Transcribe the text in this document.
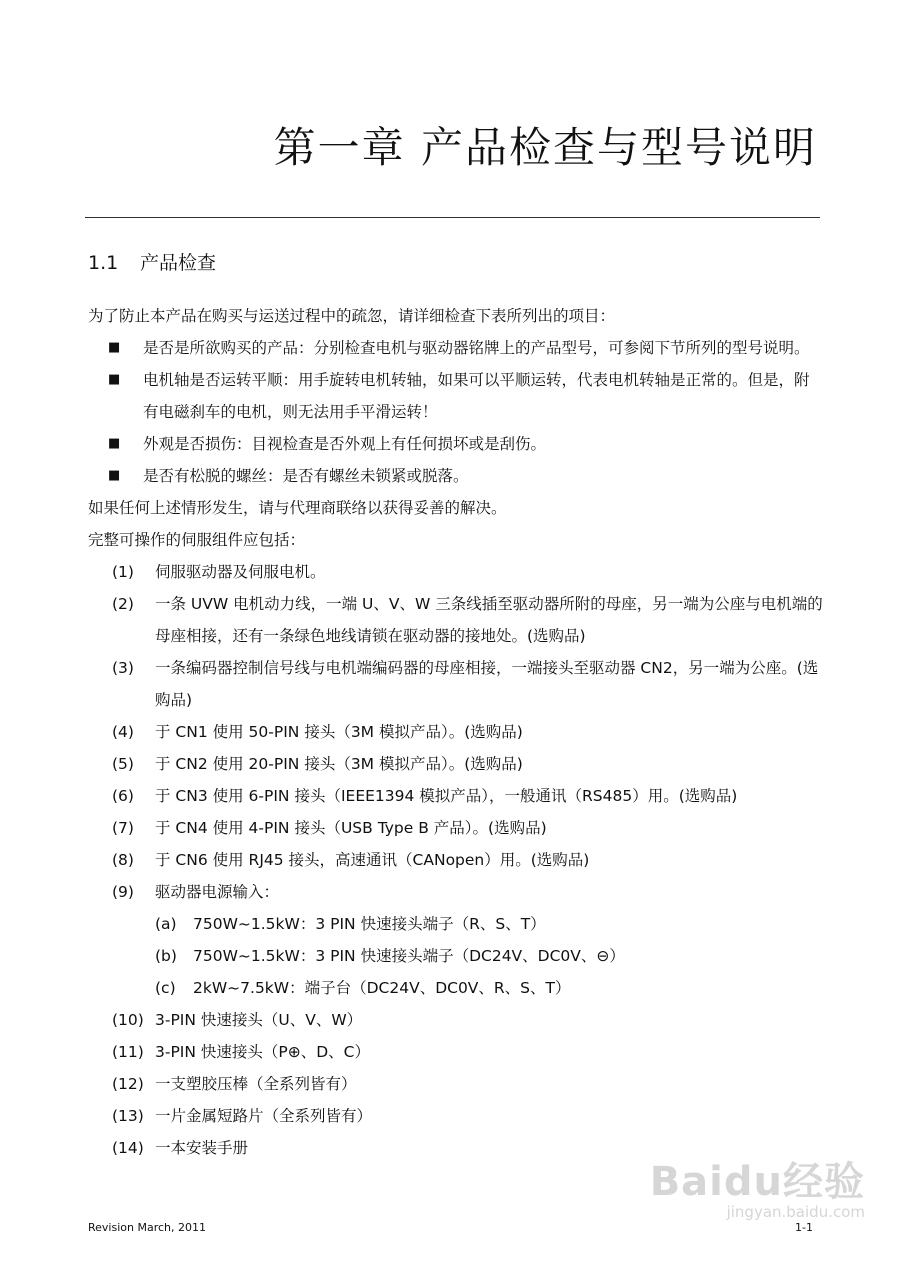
第一章 产品检查与型号说明
1.1 产品检查

为了防止本产品在购买与运送过程中的疏忽，请详细检查下表所列出的项目：

■ 是否是所欲购买的产品：分别检查电机与驱动器铭牌上的产品型号，可参阅下节所列的型号说明。
■ 电机轴是否运转平顺：用手旋转电机转轴，如果可以平顺运转，代表电机转轴是正常的。但是，附有电磁刹车的电机，则无法用手平滑运转！
■ 外观是否损伤：目视检查是否外观上有任何损坏或是刮伤。
■ 是否有松脱的螺丝：是否有螺丝未锁紧或脱落。

如果任何上述情形发生，请与代理商联络以获得妥善的解决。

完整可操作的伺服组件应包括：

(1) 伺服驱动器及伺服电机。
(2) 一条 UVW 电机动力线，一端 U、V、W 三条线插至驱动器所附的母座，另一端为公座与电机端的母座相接，还有一条绿色地线请锁在驱动器的接地处。(选购品)
(3) 一条编码器控制信号线与电机端编码器的母座相接，一端接头至驱动器 CN2，另一端为公座。(选购品)
(4) 于 CN1 使用 50-PIN 接头（3M 模拟产品）。(选购品)
(5) 于 CN2 使用 20-PIN 接头（3M 模拟产品）。(选购品)
(6) 于 CN3 使用 6-PIN 接头（IEEE1394 模拟产品），一般通讯（RS485）用。(选购品)
(7) 于 CN4 使用 4-PIN 接头（USB Type B 产品）。(选购品)
(8) 于 CN6 使用 RJ45 接头，高速通讯（CANopen）用。(选购品)
(9) 驱动器电源输入：
(a) 750W~1.5kW：3 PIN 快速接头端子（R、S、T）
(b) 750W~1.5kW：3 PIN 快速接头端子（DC24V、DC0V、⊖）
(c) 2kW~7.5kW：端子台（DC24V、DC0V、R、S、T）
(10) 3-PIN 快速接头（U、V、W）
(11) 3-PIN 快速接头（P⊕、D、C）
(12) 一支塑胶压棒（全系列皆有）
(13) 一片金属短路片（全系列皆有）
(14) 一本安装手册
Baidu经验
jingyan.baidu.com
Revision March, 2011	1-1
